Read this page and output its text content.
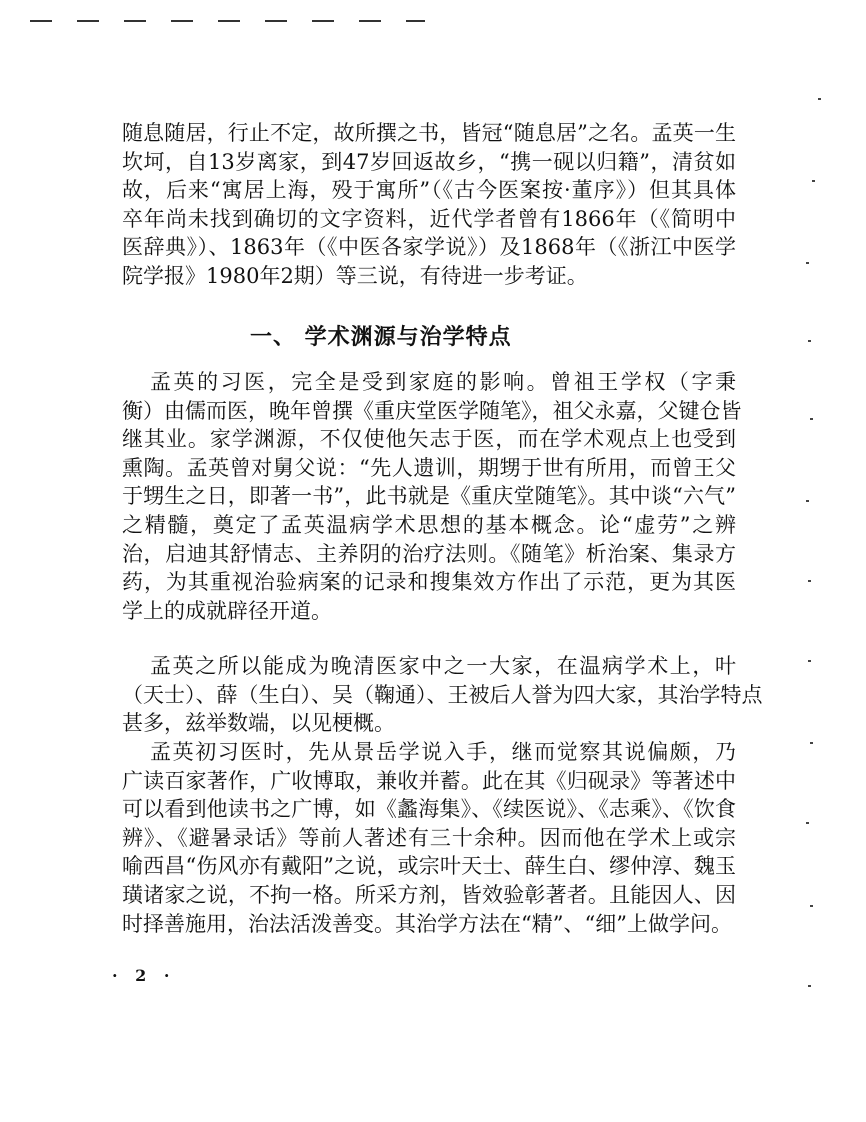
随息随居，行止不定，故所撰之书，皆冠“随息居”之名。孟英一生
坎坷，自13岁离家，到47岁回返故乡，“携一砚以归籍”，清贫如
故，后来“寓居上海，殁于寓所”（《古今医案按·董序》）但其具体
卒年尚未找到确切的文字资料，近代学者曾有1866年（《简明中
医辞典》）、1863年（《中医各家学说》）及1868年（《浙江中医学
院学报》1980年2期）等三说，有待进一步考证。
孟英的习医，完全是受到家庭的影响。曾祖王学权（字秉
衡）由儒而医，晚年曾撰《重庆堂医学随笔》，祖父永嘉，父键仓皆
继其业。家学渊源，不仅使他矢志于医，而在学术观点上也受到
熏陶。孟英曾对舅父说：“先人遗训，期甥于世有所用，而曾王父
于甥生之日，即著一书”，此书就是《重庆堂随笔》。其中谈“六气”
之精髓，奠定了孟英温病学术思想的基本概念。论“虚劳”之辨
治，启迪其舒情志、主养阴的治疗法则。《随笔》析治案、集录方
药，为其重视治验病案的记录和搜集效方作出了示范，更为其医
学上的成就辟径开道。
孟英之所以能成为晚清医家中之一大家，在温病学术上，叶
（天士）、薛（生白）、吴（鞠通）、王被后人誉为四大家，其治学特点
甚多，兹举数端，以见梗概。
孟英初习医时，先从景岳学说入手，继而觉察其说偏颇，乃
广读百家著作，广收博取，兼收并蓄。此在其《归砚录》等著述中
可以看到他读书之广博，如《蠡海集》、《续医说》、《志乘》、《饮食
辨》、《避暑录话》等前人著述有三十余种。因而他在学术上或宗
喻西昌“伤风亦有戴阳”之说，或宗叶天士、薛生白、缪仲淳、魏玉
璜诸家之说，不拘一格。所采方剂，皆效验彰著者。且能因人、因
时择善施用，治法活泼善变。其治学方法在“精”、“细”上做学问。
一、 学术渊源与治学特点
· 2 ·
